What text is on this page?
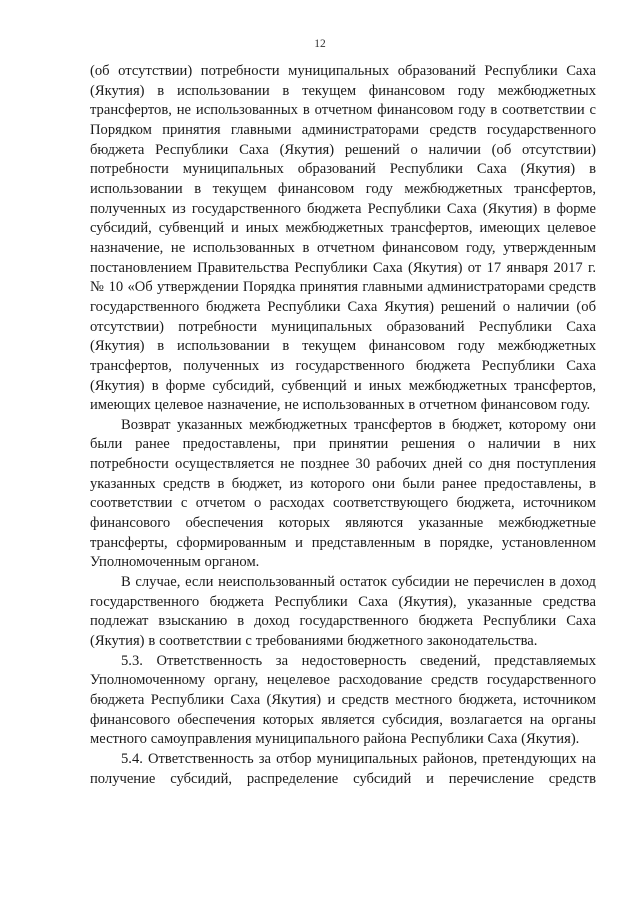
12

(об отсутствии) потребности муниципальных образований Республики Саха (Якутия) в использовании в текущем финансовом году межбюджетных трансфертов, не использованных в отчетном финансовом году в соответствии с Порядком принятия главными администраторами средств государственного бюджета Республики Саха (Якутия) решений о наличии (об отсутствии) потребности муниципальных образований Республики Саха (Якутия) в использовании в текущем финансовом году межбюджетных трансфертов, полученных из государственного бюджета Республики Саха (Якутия) в форме субсидий, субвенций и иных межбюджетных трансфертов, имеющих целевое назначение, не использованных в отчетном финансовом году, утвержденным постановлением Правительства Республики Саха (Якутия) от 17 января 2017 г. № 10 «Об утверждении Порядка принятия главными администраторами средств государственного бюджета Республики Саха Якутия) решений о наличии (об отсутствии) потребности муниципальных образований Республики Саха (Якутия) в использовании в текущем финансовом году межбюджетных трансфертов, полученных из государственного бюджета Республики Саха (Якутия) в форме субсидий, субвенций и иных межбюджетных трансфертов, имеющих целевое назначение, не использованных в отчетном финансовом году.

Возврат указанных межбюджетных трансфертов в бюджет, которому они были ранее предоставлены, при принятии решения о наличии в них потребности осуществляется не позднее 30 рабочих дней со дня поступления указанных средств в бюджет, из которого они были ранее предоставлены, в соответствии с отчетом о расходах соответствующего бюджета, источником финансового обеспечения которых являются указанные межбюджетные трансферты, сформированным и представленным в порядке, установленном Уполномоченным органом.

В случае, если неиспользованный остаток субсидии не перечислен в доход государственного бюджета Республики Саха (Якутия), указанные средства подлежат взысканию в доход государственного бюджета Республики Саха (Якутия) в соответствии с требованиями бюджетного законодательства.

5.3. Ответственность за недостоверность сведений, представляемых Уполномоченному органу, нецелевое расходование средств государственного бюджета Республики Саха (Якутия) и средств местного бюджета, источником финансового обеспечения которых является субсидия, возлагается на органы местного самоуправления муниципального района Республики Саха (Якутия).

5.4. Ответственность за отбор муниципальных районов, претендующих на получение субсидий, распределение субсидий и перечисление средств
